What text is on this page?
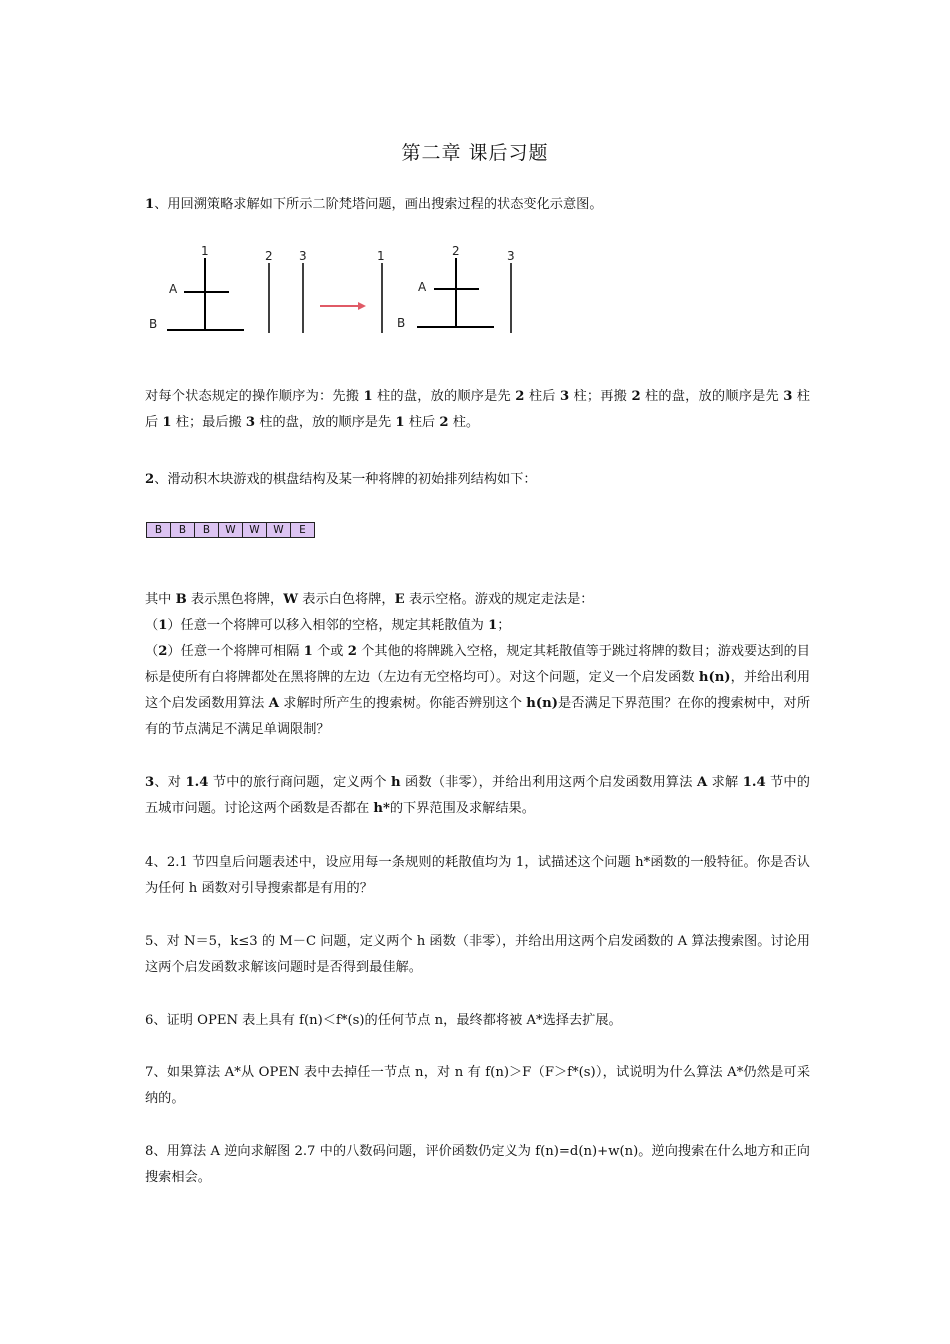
第二章 课后习题
1、用回溯策略求解如下所示二阶梵塔问题，画出搜索过程的状态变化示意图。
1	2 3
A
B
1	2	3
A
B
对每个状态规定的操作顺序为：先搬 1 柱的盘，放的顺序是先 2 柱后 3 柱；再搬 2 柱的盘，放的顺序是先 3 柱后 1 柱；最后搬 3 柱的盘，放的顺序是先 1 柱后 2 柱。
2、滑动积木块游戏的棋盘结构及某一种将牌的初始排列结构如下：
B	B	B	W	W	W	E
其中 B 表示黑色将牌，W 表示白色将牌，E 表示空格。游戏的规定走法是：
（1）任意一个将牌可以移入相邻的空格，规定其耗散值为 1；
（2）任意一个将牌可相隔 1 个或 2 个其他的将牌跳入空格，规定其耗散值等于跳过将牌的数目；游戏要达到的目标是使所有白将牌都处在黑将牌的左边（左边有无空格均可）。对这个问题，定义一个启发函数 h(n)，并给出利用这个启发函数用算法 A 求解时所产生的搜索树。你能否辨别这个 h(n)是否满足下界范围？在你的搜索树中，对所有的节点满足不满足单调限制？
3、对 1.4 节中的旅行商问题，定义两个 h 函数（非零），并给出利用这两个启发函数用算法 A 求解 1.4 节中的五城市问题。讨论这两个函数是否都在 h*的下界范围及求解结果。
4、2.1 节四皇后问题表述中，设应用每一条规则的耗散值均为 1，试描述这个问题 h*函数的一般特征。你是否认为任何 h 函数对引导搜索都是有用的？
5、对 N＝5，k≤3 的 M－C 问题，定义两个 h 函数（非零），并给出用这两个启发函数的 A 算法搜索图。讨论用这两个启发函数求解该问题时是否得到最佳解。
6、证明 OPEN 表上具有 f(n)＜f*(s)的任何节点 n，最终都将被 A*选择去扩展。
7、如果算法 A*从 OPEN 表中去掉任一节点 n，对 n 有 f(n)＞F（F＞f*(s)），试说明为什么算法 A*仍然是可采纳的。
8、用算法 A 逆向求解图 2.7 中的八数码问题，评价函数仍定义为 f(n)=d(n)+w(n)。逆向搜索在什么地方和正向搜索相会。
